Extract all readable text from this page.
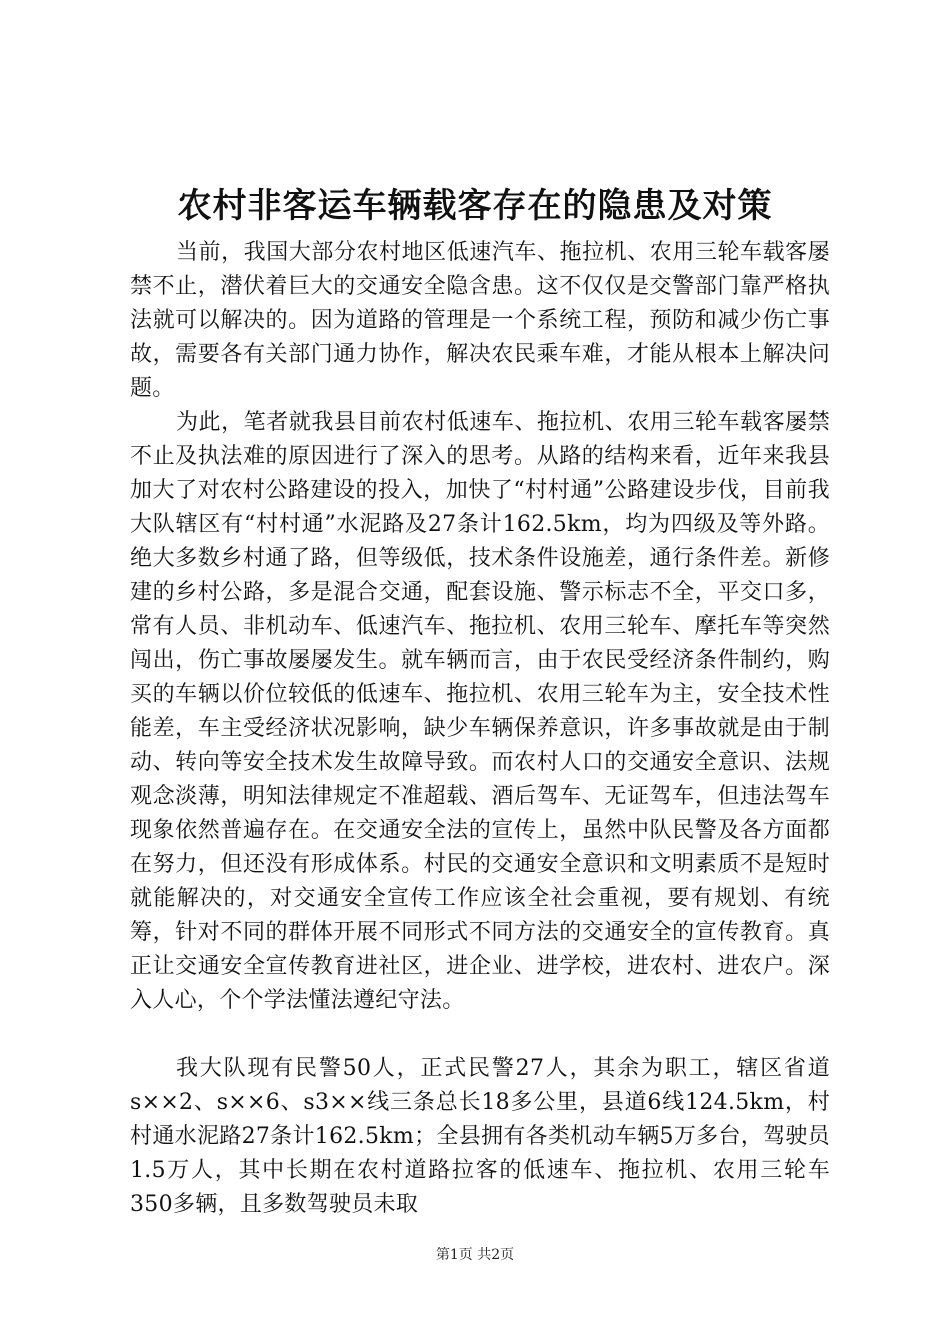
农村非客运车辆载客存在的隐患及对策

当前，我国大部分农村地区低速汽车、拖拉机、农用三轮车载客屡禁不止，潜伏着巨大的交通安全隐含患。这不仅仅是交警部门靠严格执法就可以解决的。因为道路的管理是一个系统工程，预防和减少伤亡事故，需要各有关部门通力协作，解决农民乘车难，才能从根本上解决问题。

为此，笔者就我县目前农村低速车、拖拉机、农用三轮车载客屡禁不止及执法难的原因进行了深入的思考。从路的结构来看，近年来我县加大了对农村公路建设的投入，加快了“村村通”公路建设步伐，目前我大队辖区有“村村通”水泥路及27条计162.5km，均为四级及等外路。绝大多数乡村通了路，但等级低，技术条件设施差，通行条件差。新修建的乡村公路，多是混合交通，配套设施、警示标志不全，平交口多，常有人员、非机动车、低速汽车、拖拉机、农用三轮车、摩托车等突然闯出，伤亡事故屡屡发生。就车辆而言，由于农民受经济条件制约，购买的车辆以价位较低的低速车、拖拉机、农用三轮车为主，安全技术性能差，车主受经济状况影响，缺少车辆保养意识，许多事故就是由于制动、转向等安全技术发生故障导致。而农村人口的交通安全意识、法规观念淡薄，明知法律规定不准超载、酒后驾车、无证驾车，但违法驾车现象依然普遍存在。在交通安全法的宣传上，虽然中队民警及各方面都在努力，但还没有形成体系。村民的交通安全意识和文明素质不是短时就能解决的，对交通安全宣传工作应该全社会重视，要有规划、有统筹，针对不同的群体开展不同形式不同方法的交通安全的宣传教育。真正让交通安全宣传教育进社区，进企业、进学校，进农村、进农户。深入人心，个个学法懂法遵纪守法。

我大队现有民警50人，正式民警27人，其余为职工，辖区省道s××2、s××6、s3××线三条总长18多公里，县道6线124.5km，村村通水泥路27条计162.5km；全县拥有各类机动车辆5万多台，驾驶员1.5万人，其中长期在农村道路拉客的低速车、拖拉机、农用三轮车350多辆，且多数驾驶员未取

第1页 共2页
